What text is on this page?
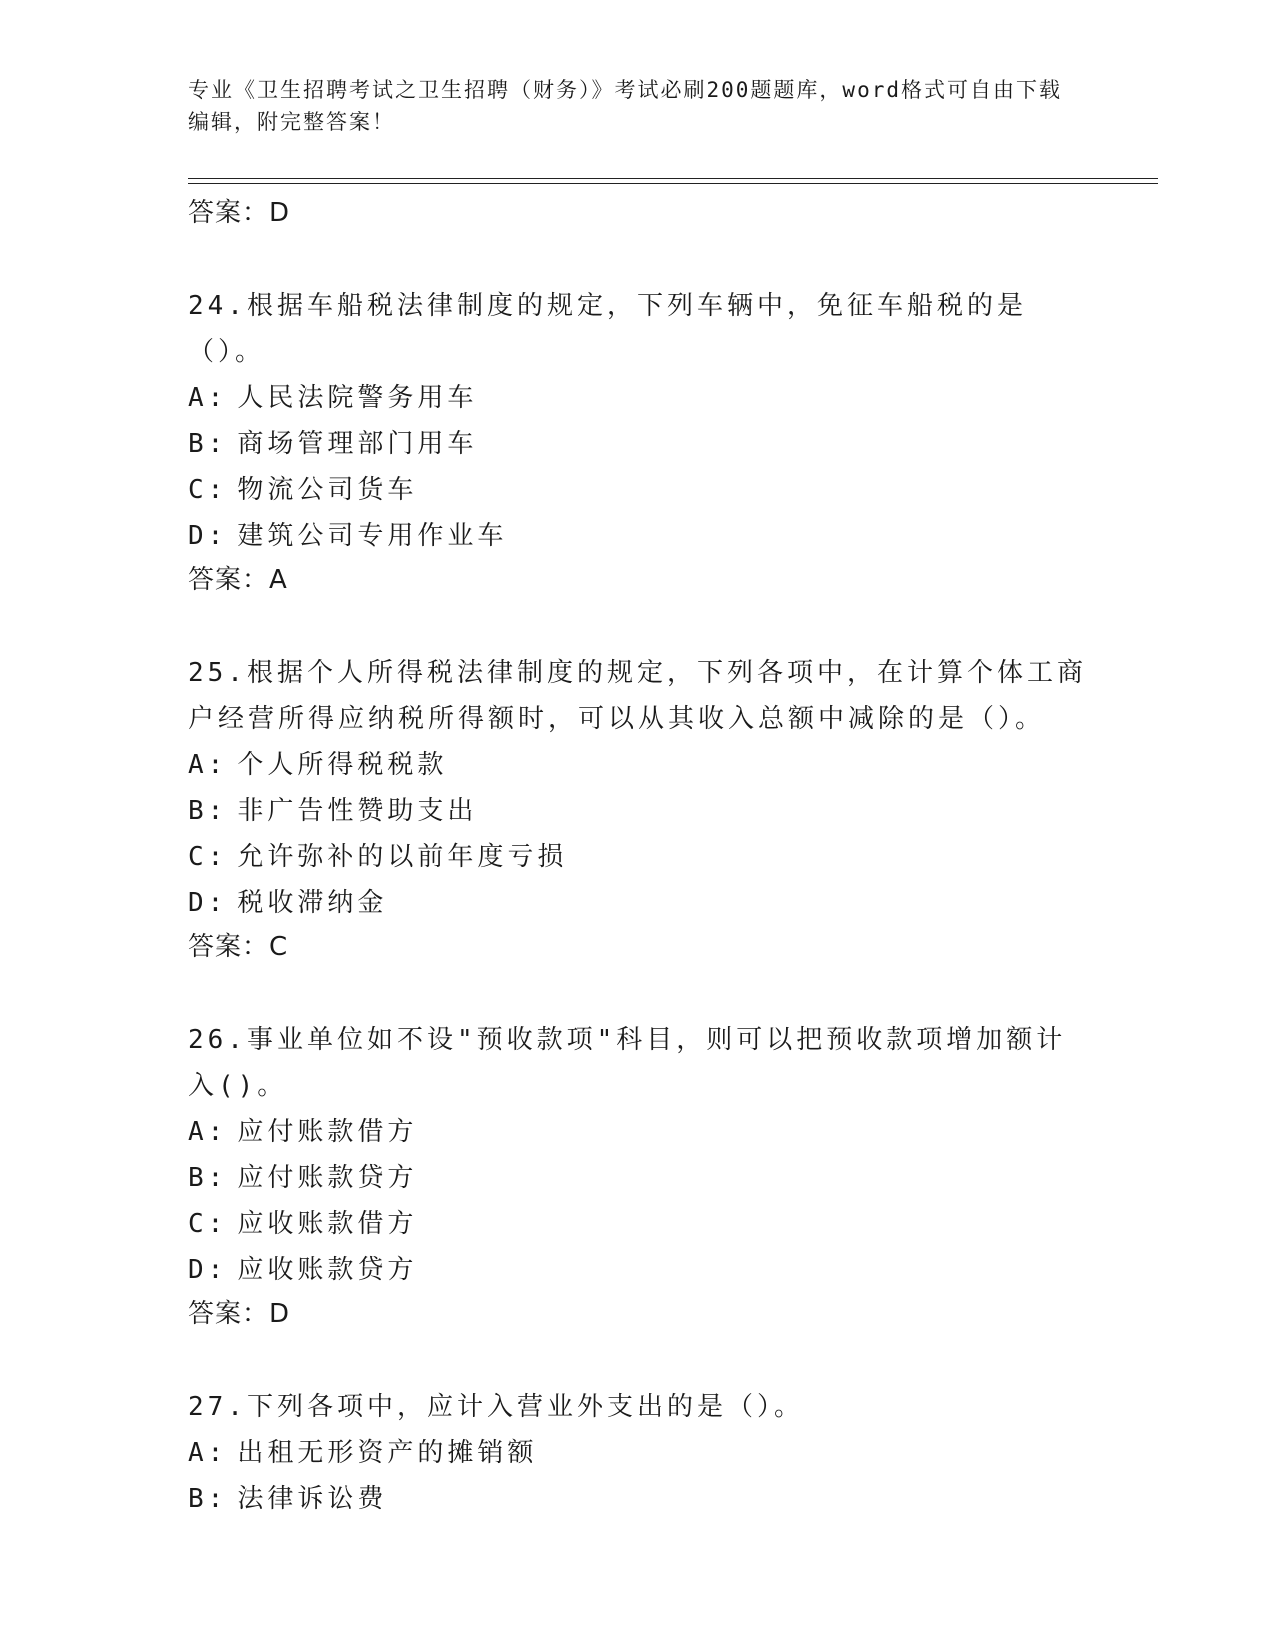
专业《卫生招聘考试之卫生招聘（财务）》考试必刷200题题库，word格式可自由下载编辑，附完整答案！
答案：D
24.根据车船税法律制度的规定，下列车辆中，免征车船税的是（）。
A: 人民法院警务用车
B: 商场管理部门用车
C: 物流公司货车
D: 建筑公司专用作业车
答案：A
25.根据个人所得税法律制度的规定，下列各项中，在计算个体工商户经营所得应纳税所得额时，可以从其收入总额中减除的是（）。
A: 个人所得税税款
B: 非广告性赞助支出
C: 允许弥补的以前年度亏损
D: 税收滞纳金
答案：C
26.事业单位如不设"预收款项"科目，则可以把预收款项增加额计入()。
A: 应付账款借方
B: 应付账款贷方
C: 应收账款借方
D: 应收账款贷方
答案：D
27.下列各项中，应计入营业外支出的是（）。
A: 出租无形资产的摊销额
B: 法律诉讼费
